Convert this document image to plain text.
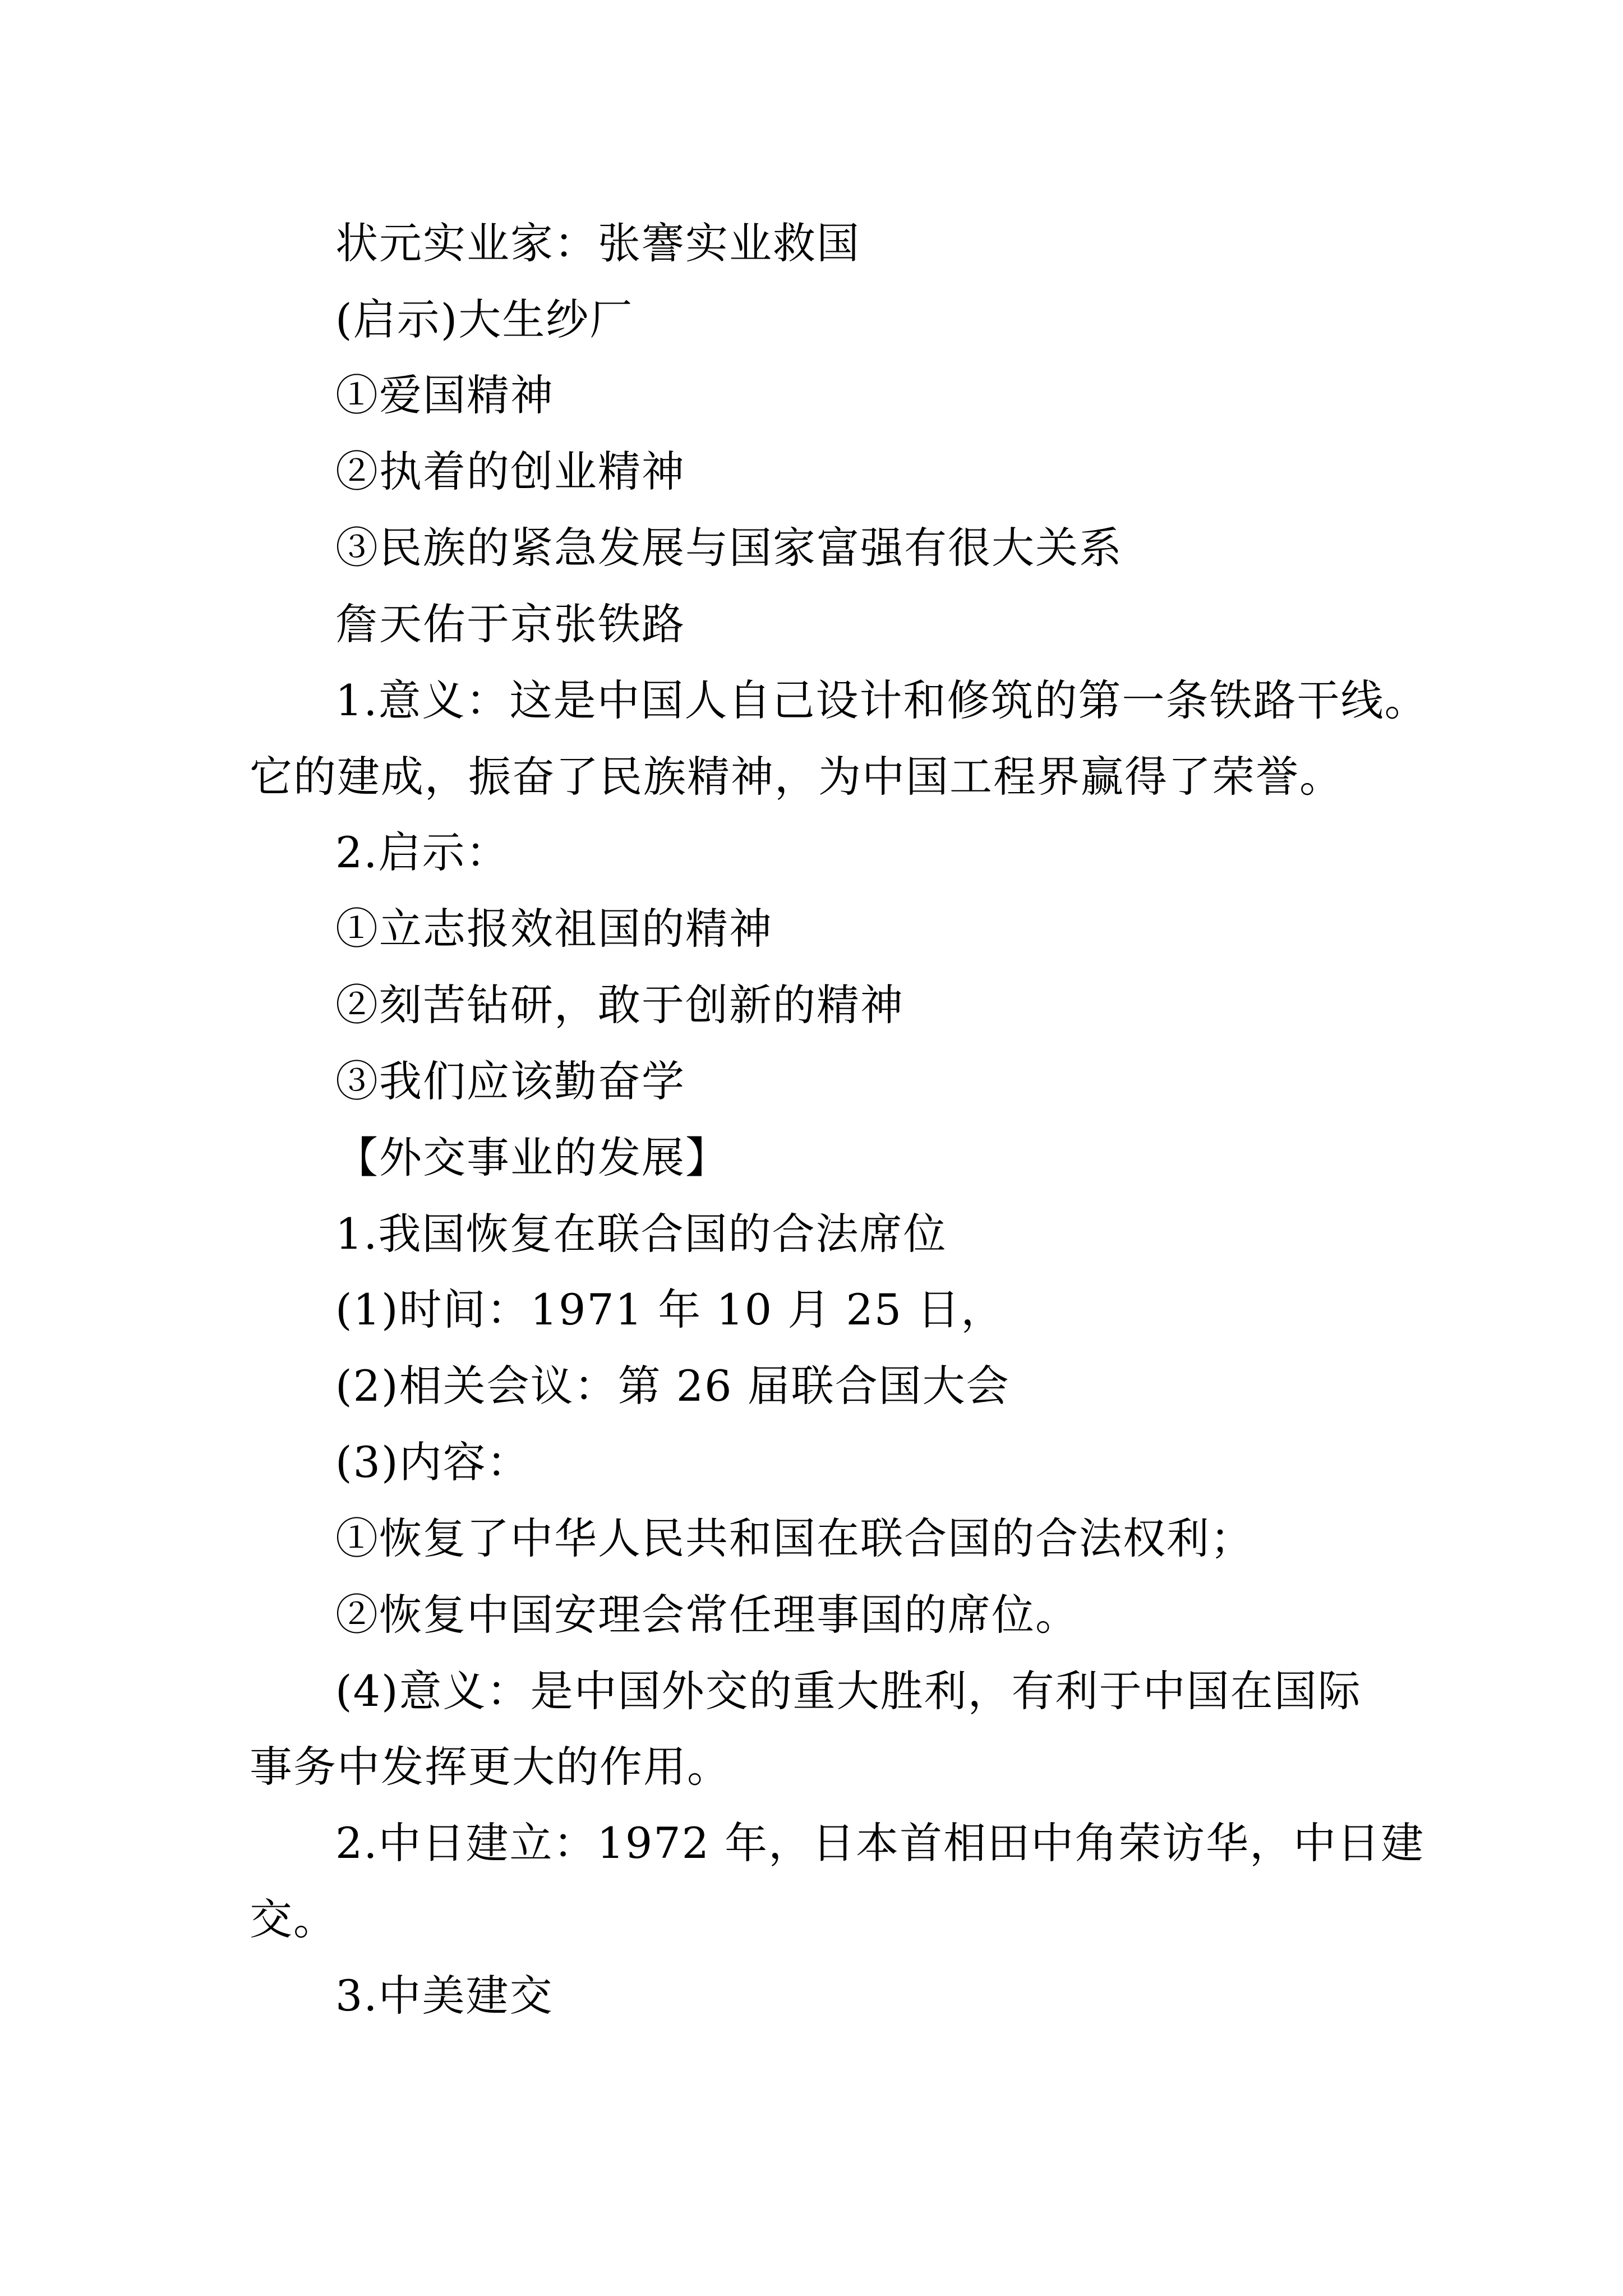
状元实业家：张謇实业救国
(启示)大生纱厂
①爱国精神
②执着的创业精神
③民族的紧急发展与国家富强有很大关系
詹天佑于京张铁路
1.意义：这是中国人自己设计和修筑的第一条铁路干线。
它的建成，振奋了民族精神，为中国工程界赢得了荣誉。
2.启示：
①立志报效祖国的精神
②刻苦钻研，敢于创新的精神
③我们应该勤奋学
【外交事业的发展】
1.我国恢复在联合国的合法席位
(1)时间：1971 年 10 月 25 日，
(2)相关会议：第 26 届联合国大会
(3)内容：
①恢复了中华人民共和国在联合国的合法权利；
②恢复中国安理会常任理事国的席位。
(4)意义：是中国外交的重大胜利，有利于中国在国际
事务中发挥更大的作用。
2.中日建立：1972 年，日本首相田中角荣访华，中日建
交。
3.中美建交
